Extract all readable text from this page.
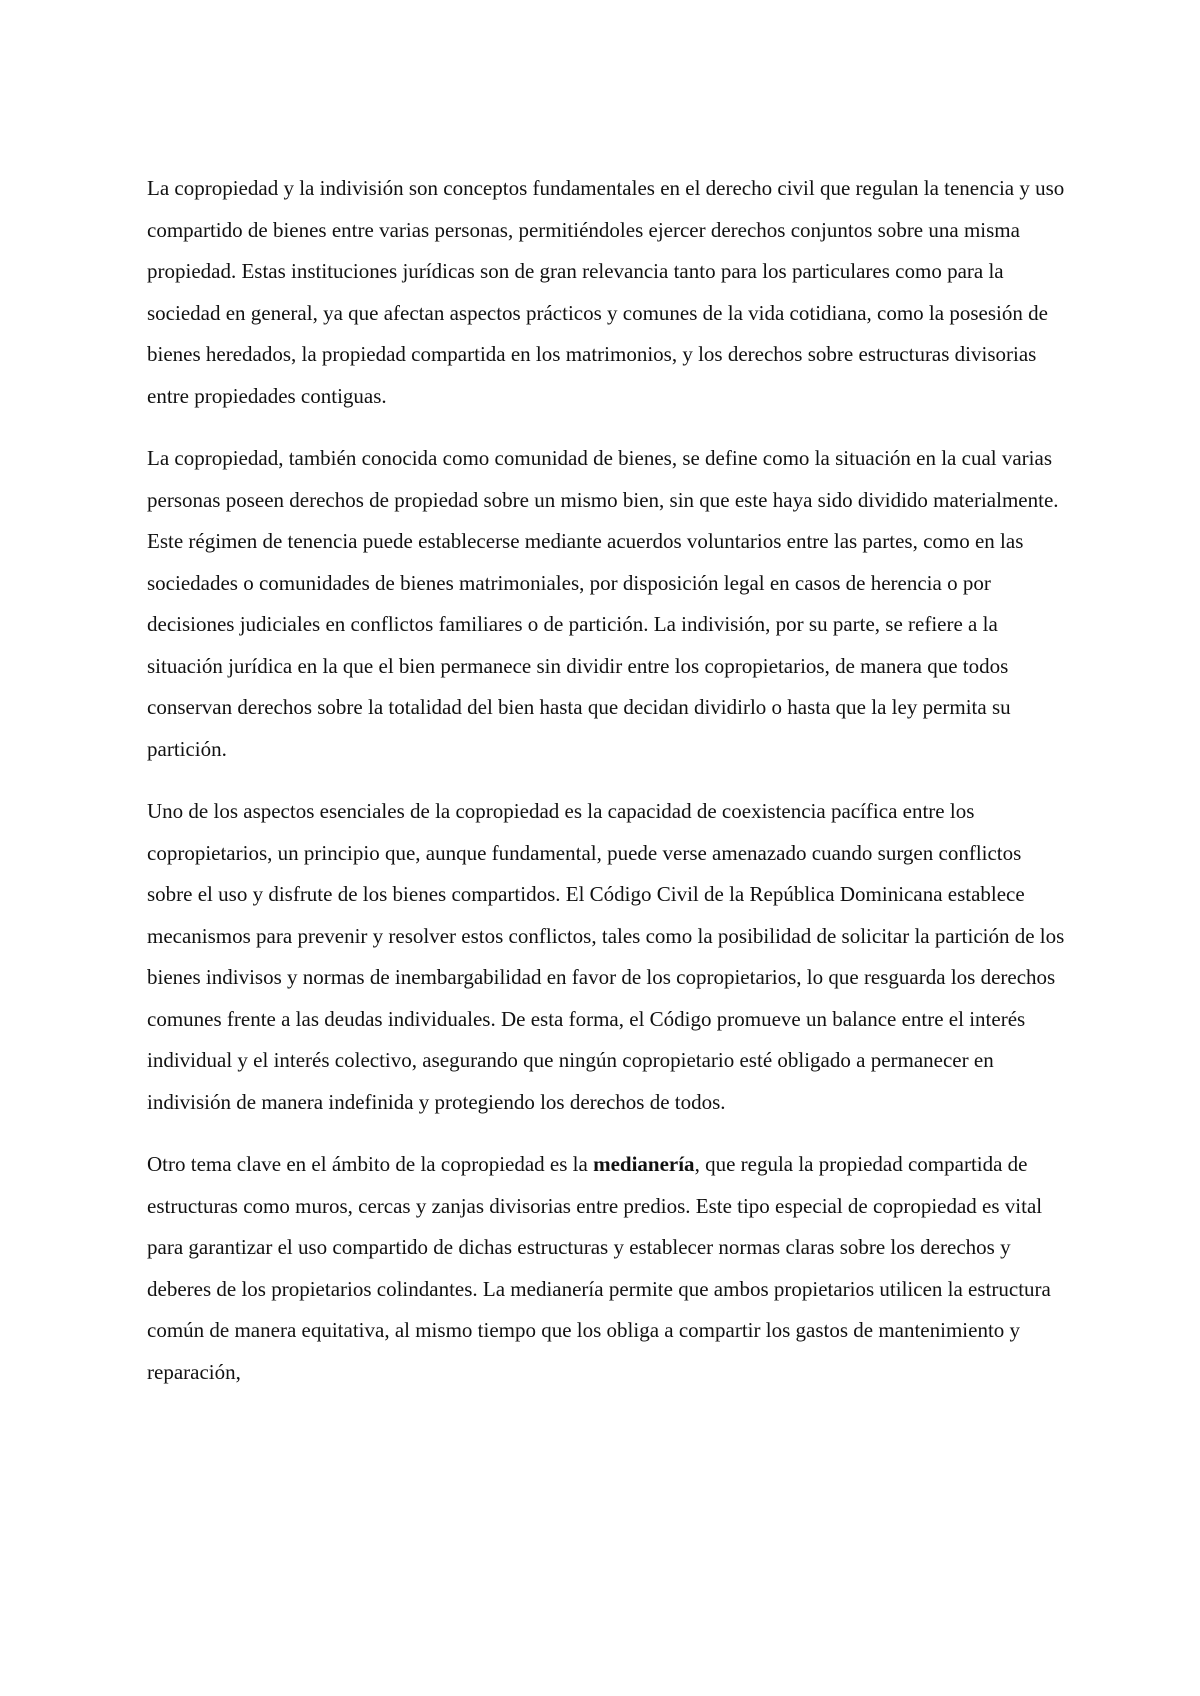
La copropiedad y la indivisión son conceptos fundamentales en el derecho civil que regulan la tenencia y uso compartido de bienes entre varias personas, permitiéndoles ejercer derechos conjuntos sobre una misma propiedad. Estas instituciones jurídicas son de gran relevancia tanto para los particulares como para la sociedad en general, ya que afectan aspectos prácticos y comunes de la vida cotidiana, como la posesión de bienes heredados, la propiedad compartida en los matrimonios, y los derechos sobre estructuras divisorias entre propiedades contiguas.

La copropiedad, también conocida como comunidad de bienes, se define como la situación en la cual varias personas poseen derechos de propiedad sobre un mismo bien, sin que este haya sido dividido materialmente. Este régimen de tenencia puede establecerse mediante acuerdos voluntarios entre las partes, como en las sociedades o comunidades de bienes matrimoniales, por disposición legal en casos de herencia o por decisiones judiciales en conflictos familiares o de partición. La indivisión, por su parte, se refiere a la situación jurídica en la que el bien permanece sin dividir entre los copropietarios, de manera que todos conservan derechos sobre la totalidad del bien hasta que decidan dividirlo o hasta que la ley permita su partición.

Uno de los aspectos esenciales de la copropiedad es la capacidad de coexistencia pacífica entre los copropietarios, un principio que, aunque fundamental, puede verse amenazado cuando surgen conflictos sobre el uso y disfrute de los bienes compartidos. El Código Civil de la República Dominicana establece mecanismos para prevenir y resolver estos conflictos, tales como la posibilidad de solicitar la partición de los bienes indivisos y normas de inembargabilidad en favor de los copropietarios, lo que resguarda los derechos comunes frente a las deudas individuales. De esta forma, el Código promueve un balance entre el interés individual y el interés colectivo, asegurando que ningún copropietario esté obligado a permanecer en indivisión de manera indefinida y protegiendo los derechos de todos.

Otro tema clave en el ámbito de la copropiedad es la medianería, que regula la propiedad compartida de estructuras como muros, cercas y zanjas divisorias entre predios. Este tipo especial de copropiedad es vital para garantizar el uso compartido de dichas estructuras y establecer normas claras sobre los derechos y deberes de los propietarios colindantes. La medianería permite que ambos propietarios utilicen la estructura común de manera equitativa, al mismo tiempo que los obliga a compartir los gastos de mantenimiento y reparación,
